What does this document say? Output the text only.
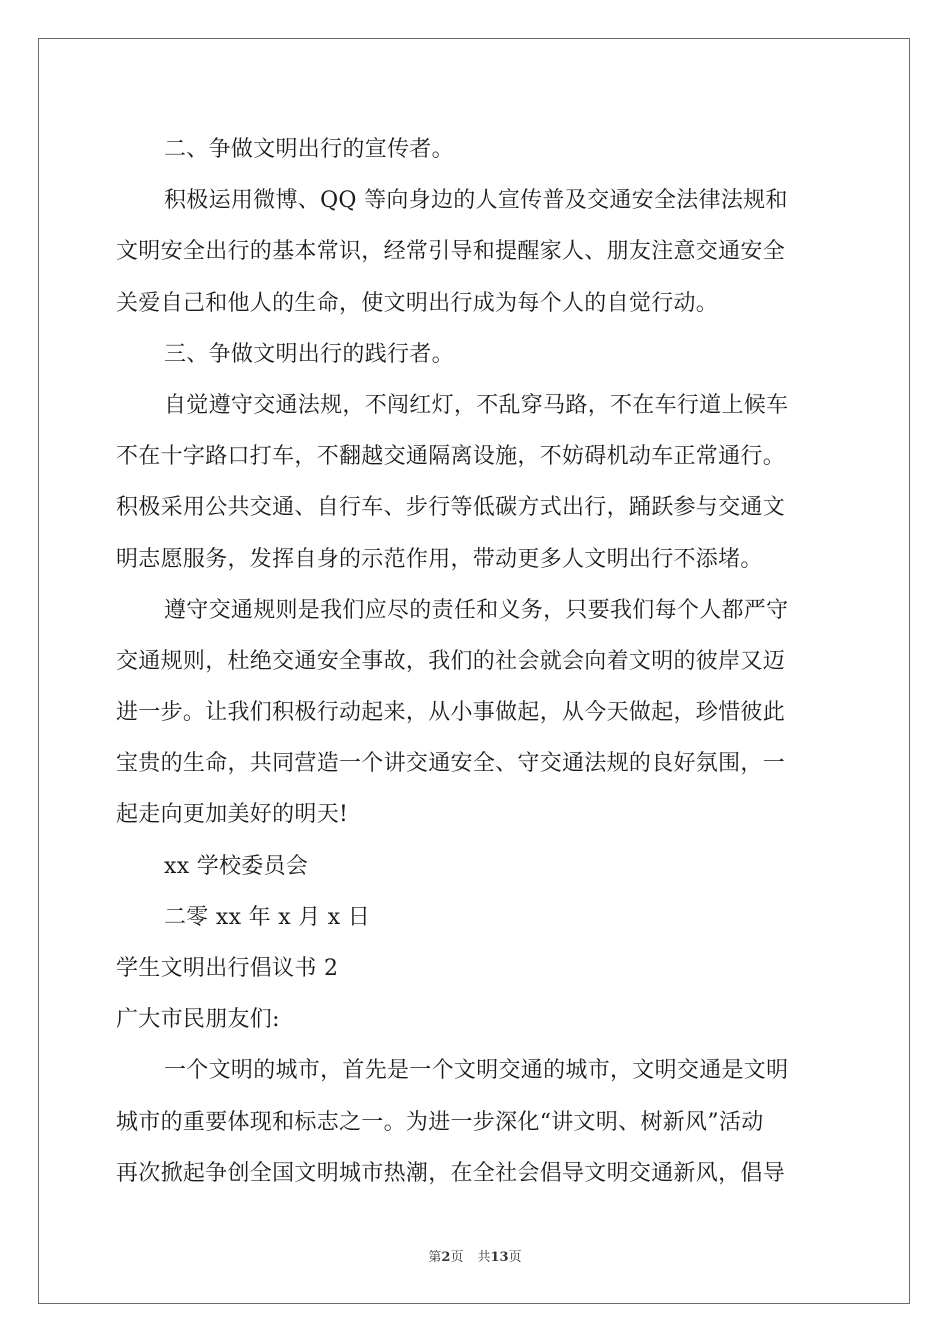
二、争做文明出行的宣传者。
积极运用微博、QQ 等向身边的人宣传普及交通安全法律法规和
文明安全出行的基本常识，经常引导和提醒家人、朋友注意交通安全
关爱自己和他人的生命，使文明出行成为每个人的自觉行动。
三、争做文明出行的践行者。
自觉遵守交通法规，不闯红灯，不乱穿马路，不在车行道上候车
不在十字路口打车，不翻越交通隔离设施，不妨碍机动车正常通行。
积极采用公共交通、自行车、步行等低碳方式出行，踊跃参与交通文
明志愿服务，发挥自身的示范作用，带动更多人文明出行不添堵。
遵守交通规则是我们应尽的责任和义务，只要我们每个人都严守
交通规则，杜绝交通安全事故，我们的社会就会向着文明的彼岸又迈
进一步。让我们积极行动起来，从小事做起，从今天做起，珍惜彼此
宝贵的生命，共同营造一个讲交通安全、守交通法规的良好氛围，一
起走向更加美好的明天!
xx 学校委员会
二零 xx 年 x 月 x 日
学生文明出行倡议书 2
广大市民朋友们:
一个文明的城市，首先是一个文明交通的城市，文明交通是文明
城市的重要体现和标志之一。为进一步深化“讲文明、树新风”活动
再次掀起争创全国文明城市热潮，在全社会倡导文明交通新风，倡导
第2页 共13页
